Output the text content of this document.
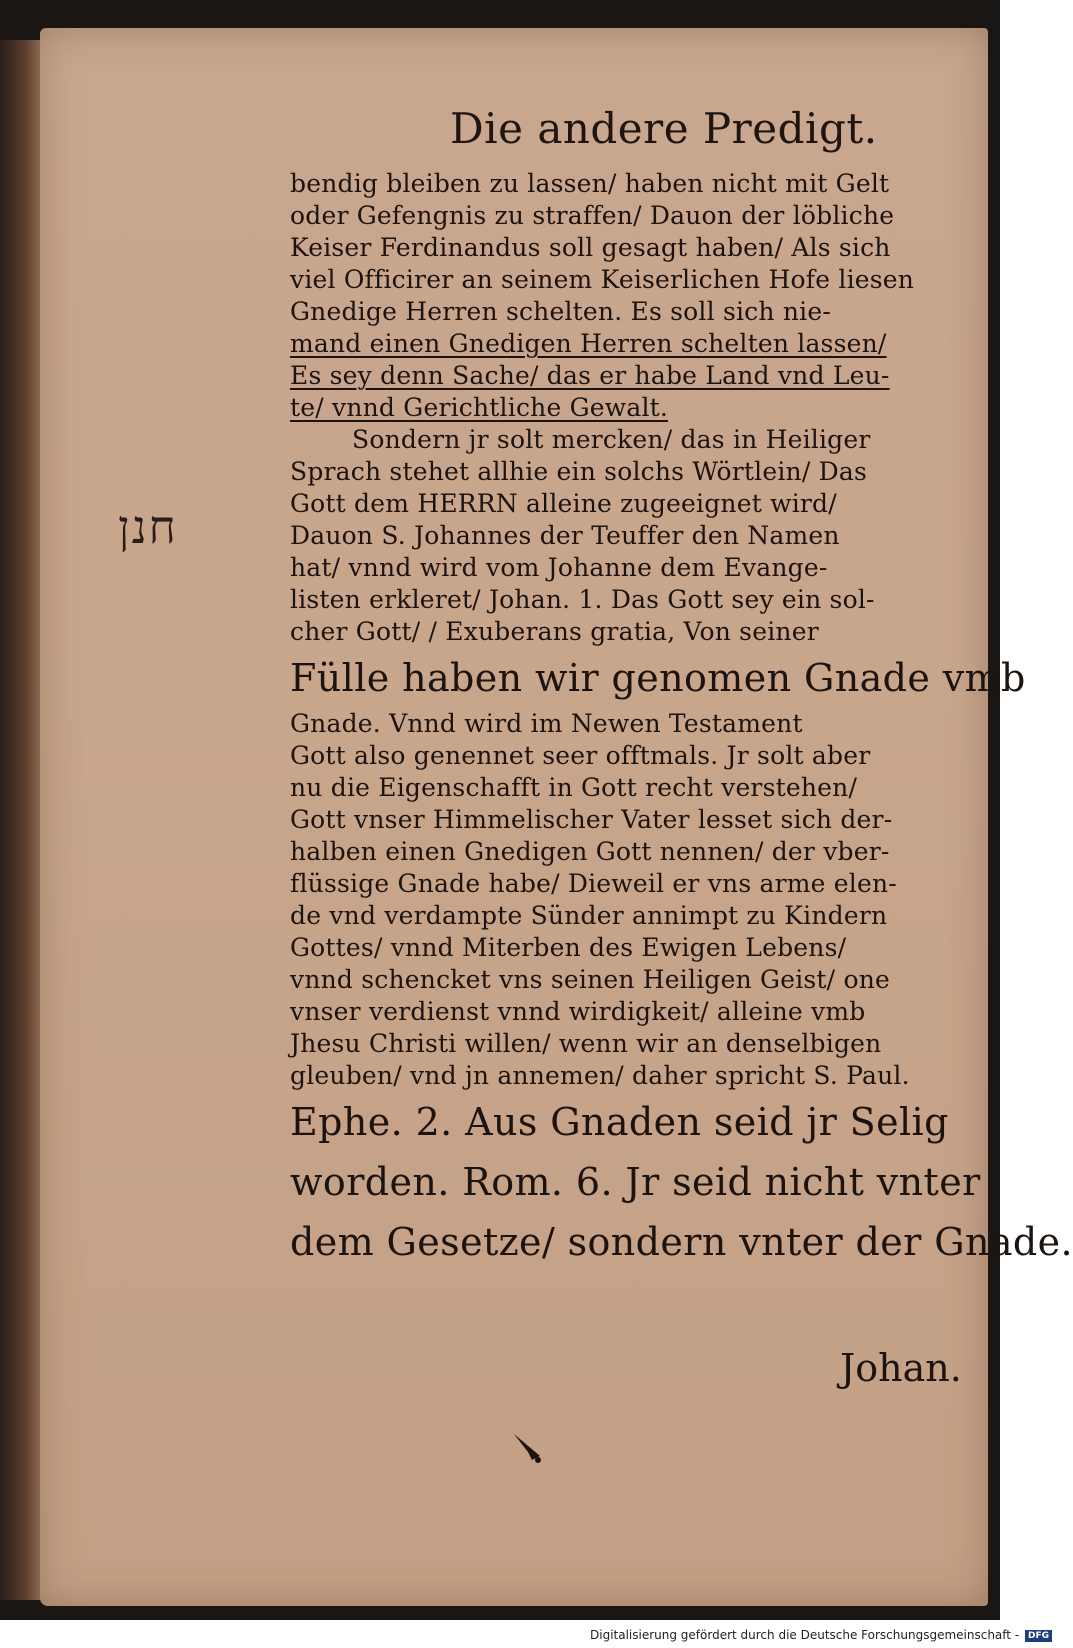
Die andere Predigt.
חנן
bendig bleiben zu lassen/ haben nicht mit Gelt
oder Gefengnis zu straffen/ Dauon der löbliche
Keiser Ferdinandus soll gesagt haben/ Als sich
viel Officirer an seinem Keiserlichen Hofe liesen
Gnedige Herren schelten. Es soll sich nie-
mand einen Gnedigen Herren schelten lassen/
Es sey denn Sache/ das er habe Land vnd Leu-
te/ vnnd Gerichtliche Gewalt.
Sondern jr solt mercken/ das in Heiliger
Sprach stehet allhie ein solchs Wörtlein/ Das
Gott dem HERRN alleine zugeeignet wird/
Dauon S. Johannes der Teuffer den Namen
hat/ vnnd wird vom Johanne dem Evange-
listen erkleret/ Johan. 1. Das Gott sey ein sol-
cher Gott/ / Exuberans gratia, Von seiner
Fülle haben wir genomen Gnade vmb
Gnade. Vnnd wird im Newen Testament
Gott also genennet seer offtmals. Jr solt aber
nu die Eigenschafft in Gott recht verstehen/
Gott vnser Himmelischer Vater lesset sich der-
halben einen Gnedigen Gott nennen/ der vber-
flüssige Gnade habe/ Dieweil er vns arme elen-
de vnd verdampte Sünder annimpt zu Kindern
Gottes/ vnnd Miterben des Ewigen Lebens/
vnnd schencket vns seinen Heiligen Geist/ one
vnser verdienst vnnd wirdigkeit/ alleine vmb
Jhesu Christi willen/ wenn wir an denselbigen
gleuben/ vnd jn annemen/ daher spricht S. Paul.
Ephe. 2. Aus Gnaden seid jr Selig
worden. Rom. 6. Jr seid nicht vnter
dem Gesetze/ sondern vnter der Gnade.
Johan.
Digitalisierung gefördert durch die Deutsche Forschungsgemeinschaft - DFG
